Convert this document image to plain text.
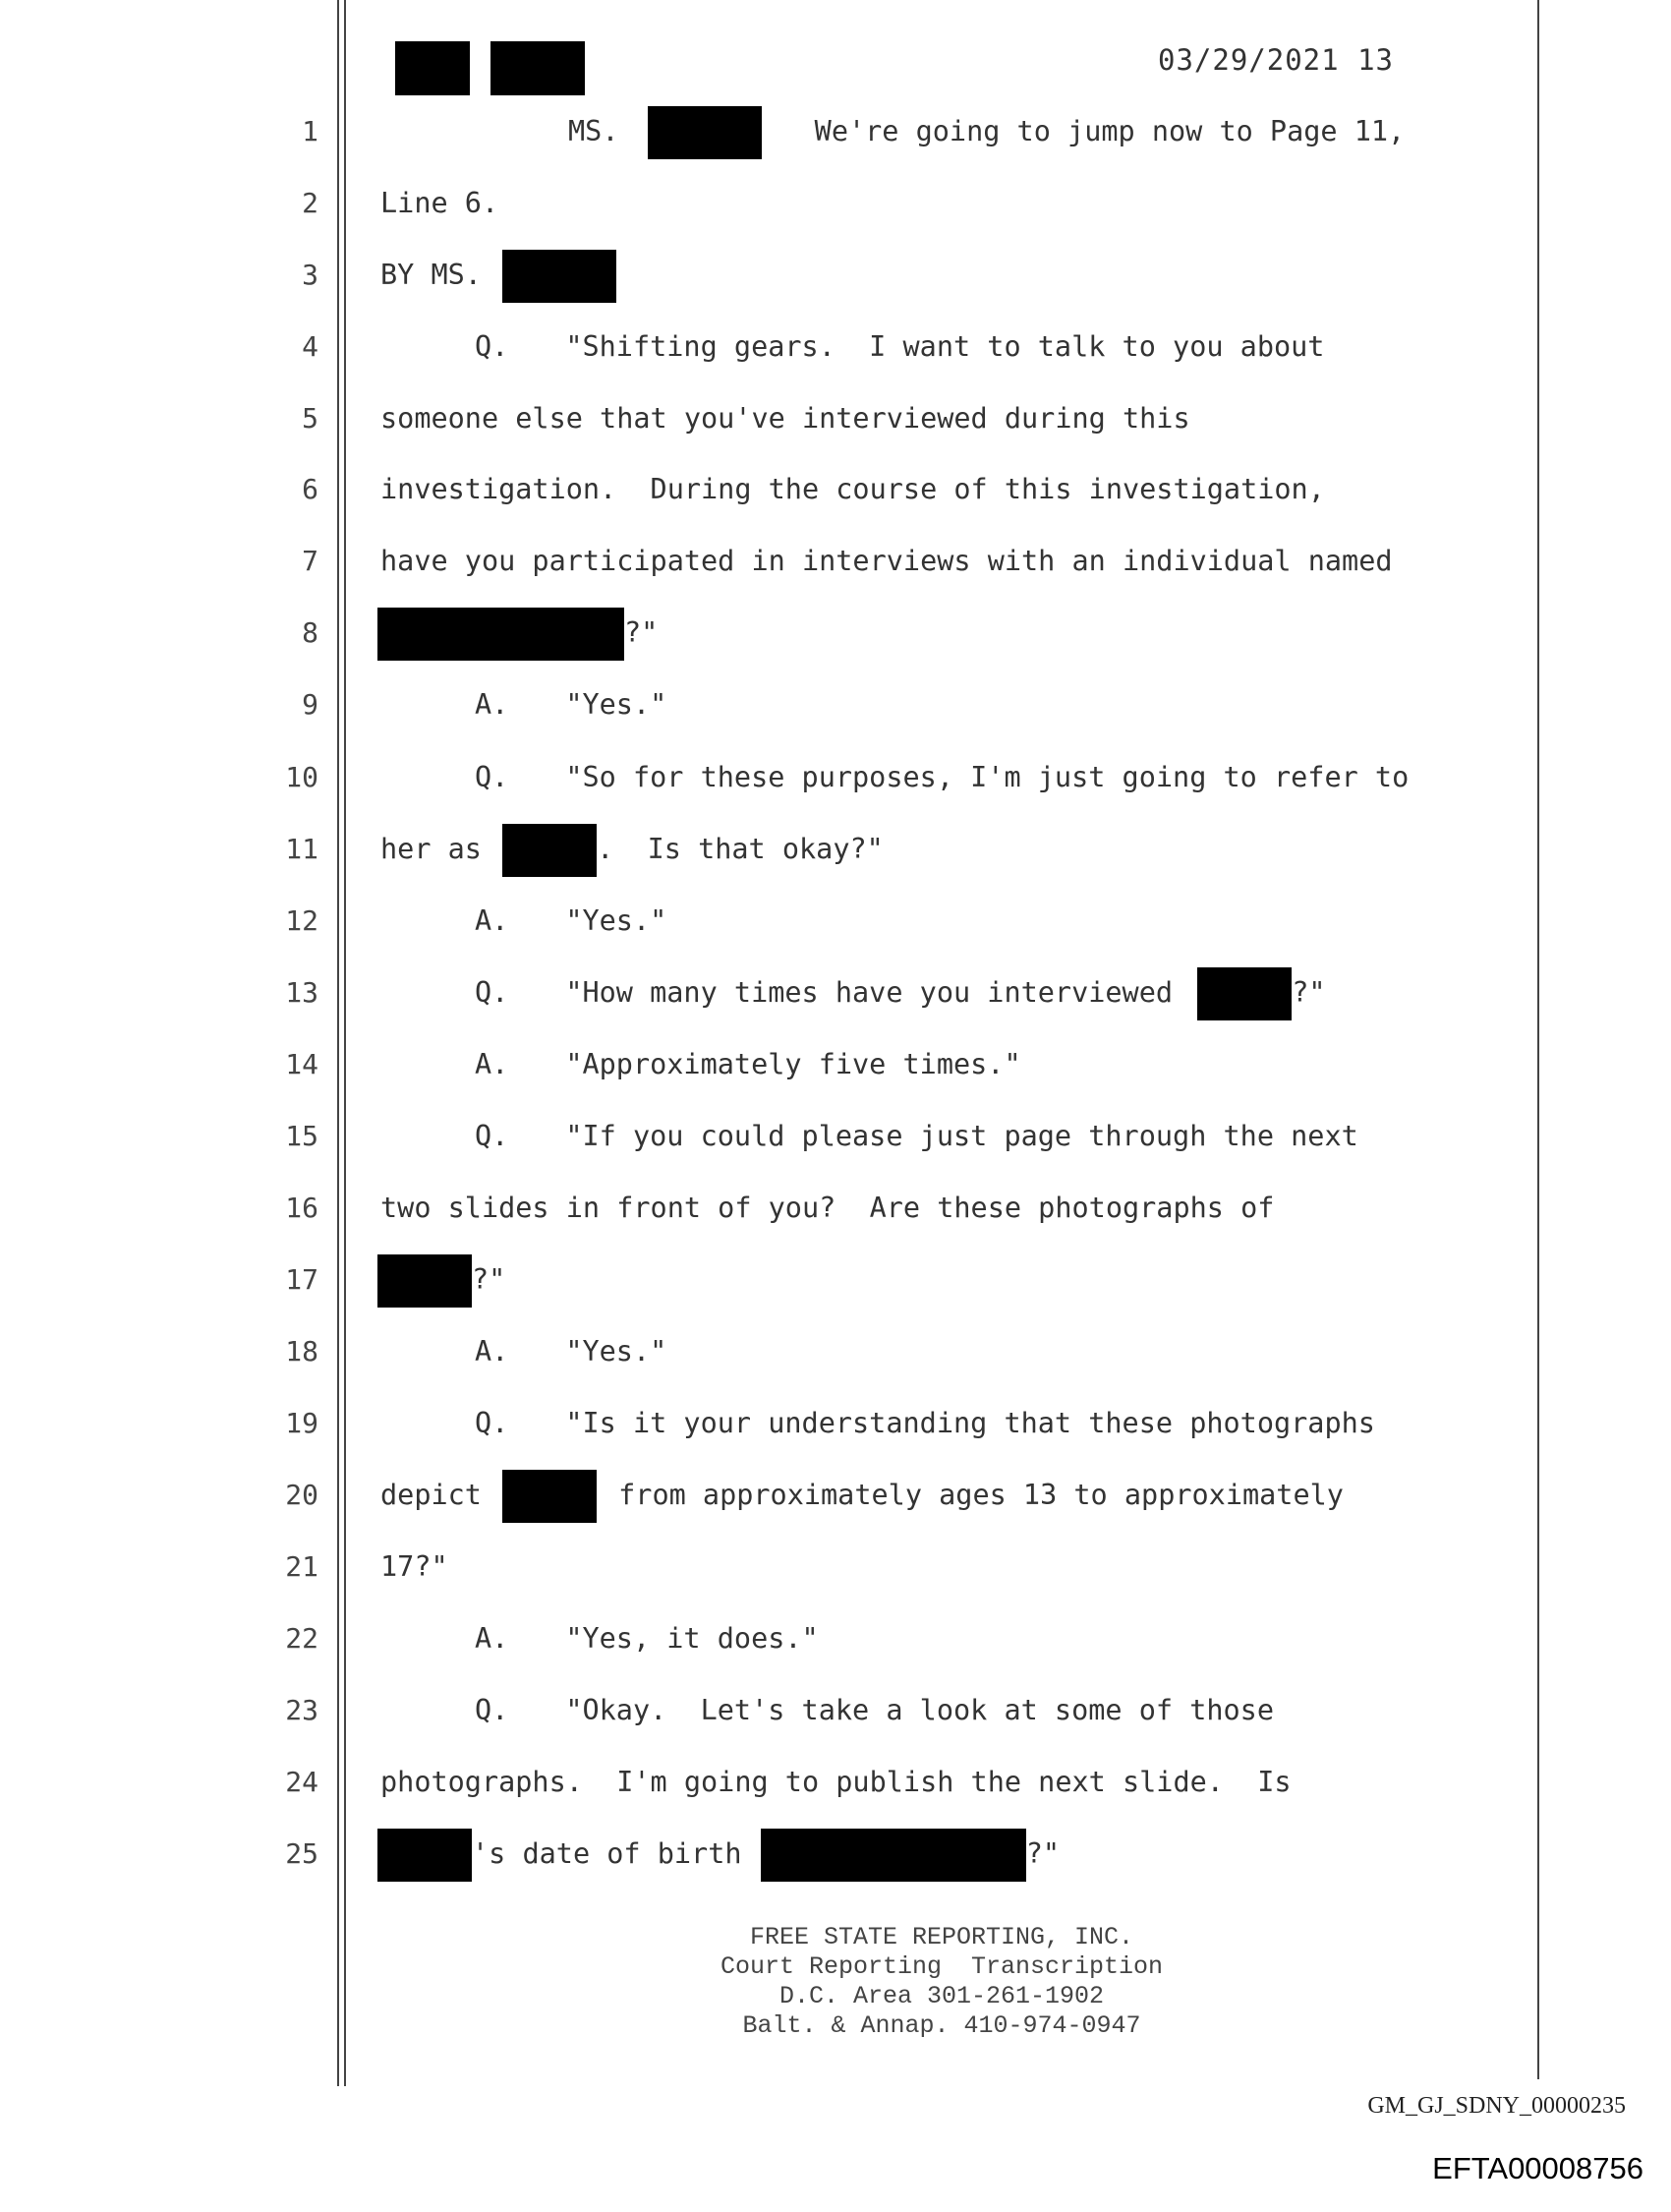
03/29/2021 13
1	MS.	We're going to jump now to Page 11,
2 Line 6.
3 BY MS.
4	Q. "Shifting gears.  I want to talk to you about
5 someone else that you've interviewed during this
6 investigation.  During the course of this investigation,
7 have you participated in interviews with an individual named
8	?"
9	A. "Yes."
10	Q. "So for these purposes, I'm just going to refer to
11 her as	.  Is that okay?"
12	A. "Yes."
13	Q. "How many times have you interviewed	?"
14	A. "Approximately five times."
15	Q. "If you could please just page through the next
16 two slides in front of you?  Are these photographs of
17	?"
18	A. "Yes."
19	Q. "Is it your understanding that these photographs
20 depict	from approximately ages 13 to approximately
21 17?"
22	A. "Yes, it does."
23	Q. "Okay.  Let's take a look at some of those
24 photographs.  I'm going to publish the next slide.  Is
25	's date of birth	?"
FREE STATE REPORTING, INC.
Court Reporting  Transcription
D.C. Area 301-261-1902
Balt. & Annap. 410-974-0947
GM_GJ_SDNY_00000235
EFTA00008756
